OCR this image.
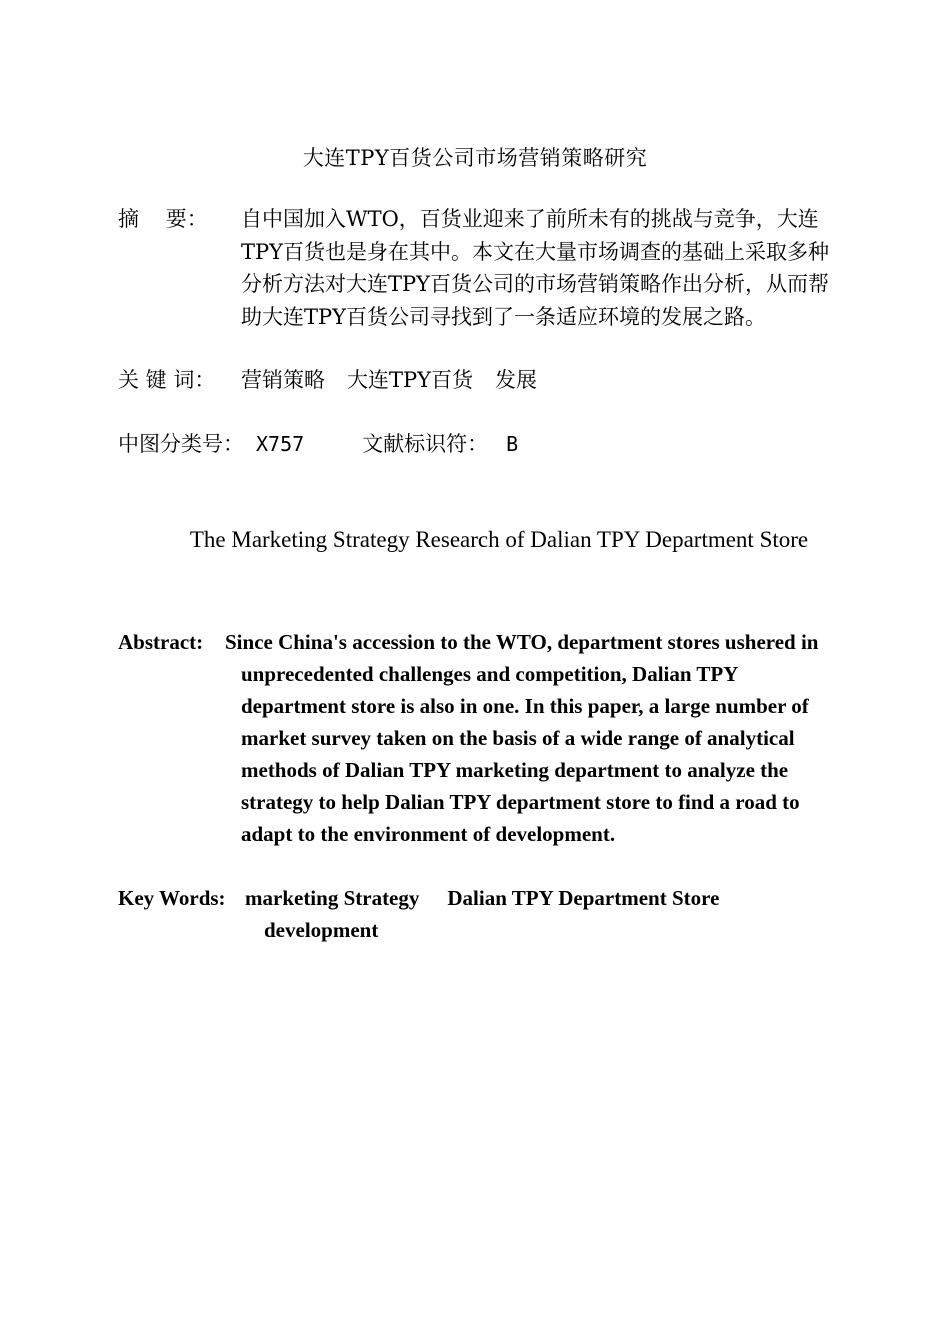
大连TPY百货公司市场营销策略研究
摘    要： 自中国加入WTO，百货业迎来了前所未有的挑战与竞争，大连TPY百货也是身在其中。本文在大量市场调查的基础上采取多种分析方法对大连TPY百货公司的市场营销策略作出分析，从而帮助大连TPY百货公司寻找到了一条适应环境的发展之路。
关 键 词： 营销策略 大连TPY百货 发展
中图分类号： X757	文献标识符： B
The Marketing Strategy Research of Dalian TPY Department Store
Abstract: Since China's accession to the WTO, department stores ushered in unprecedented challenges and competition, Dalian TPY department store is also in one. In this paper, a large number of market survey taken on the basis of a wide range of analytical methods of Dalian TPY marketing department to analyze the strategy to help Dalian TPY department store to find a road to adapt to the environment of development.
Key Words: marketing Strategy Dalian TPY Department Store
development
